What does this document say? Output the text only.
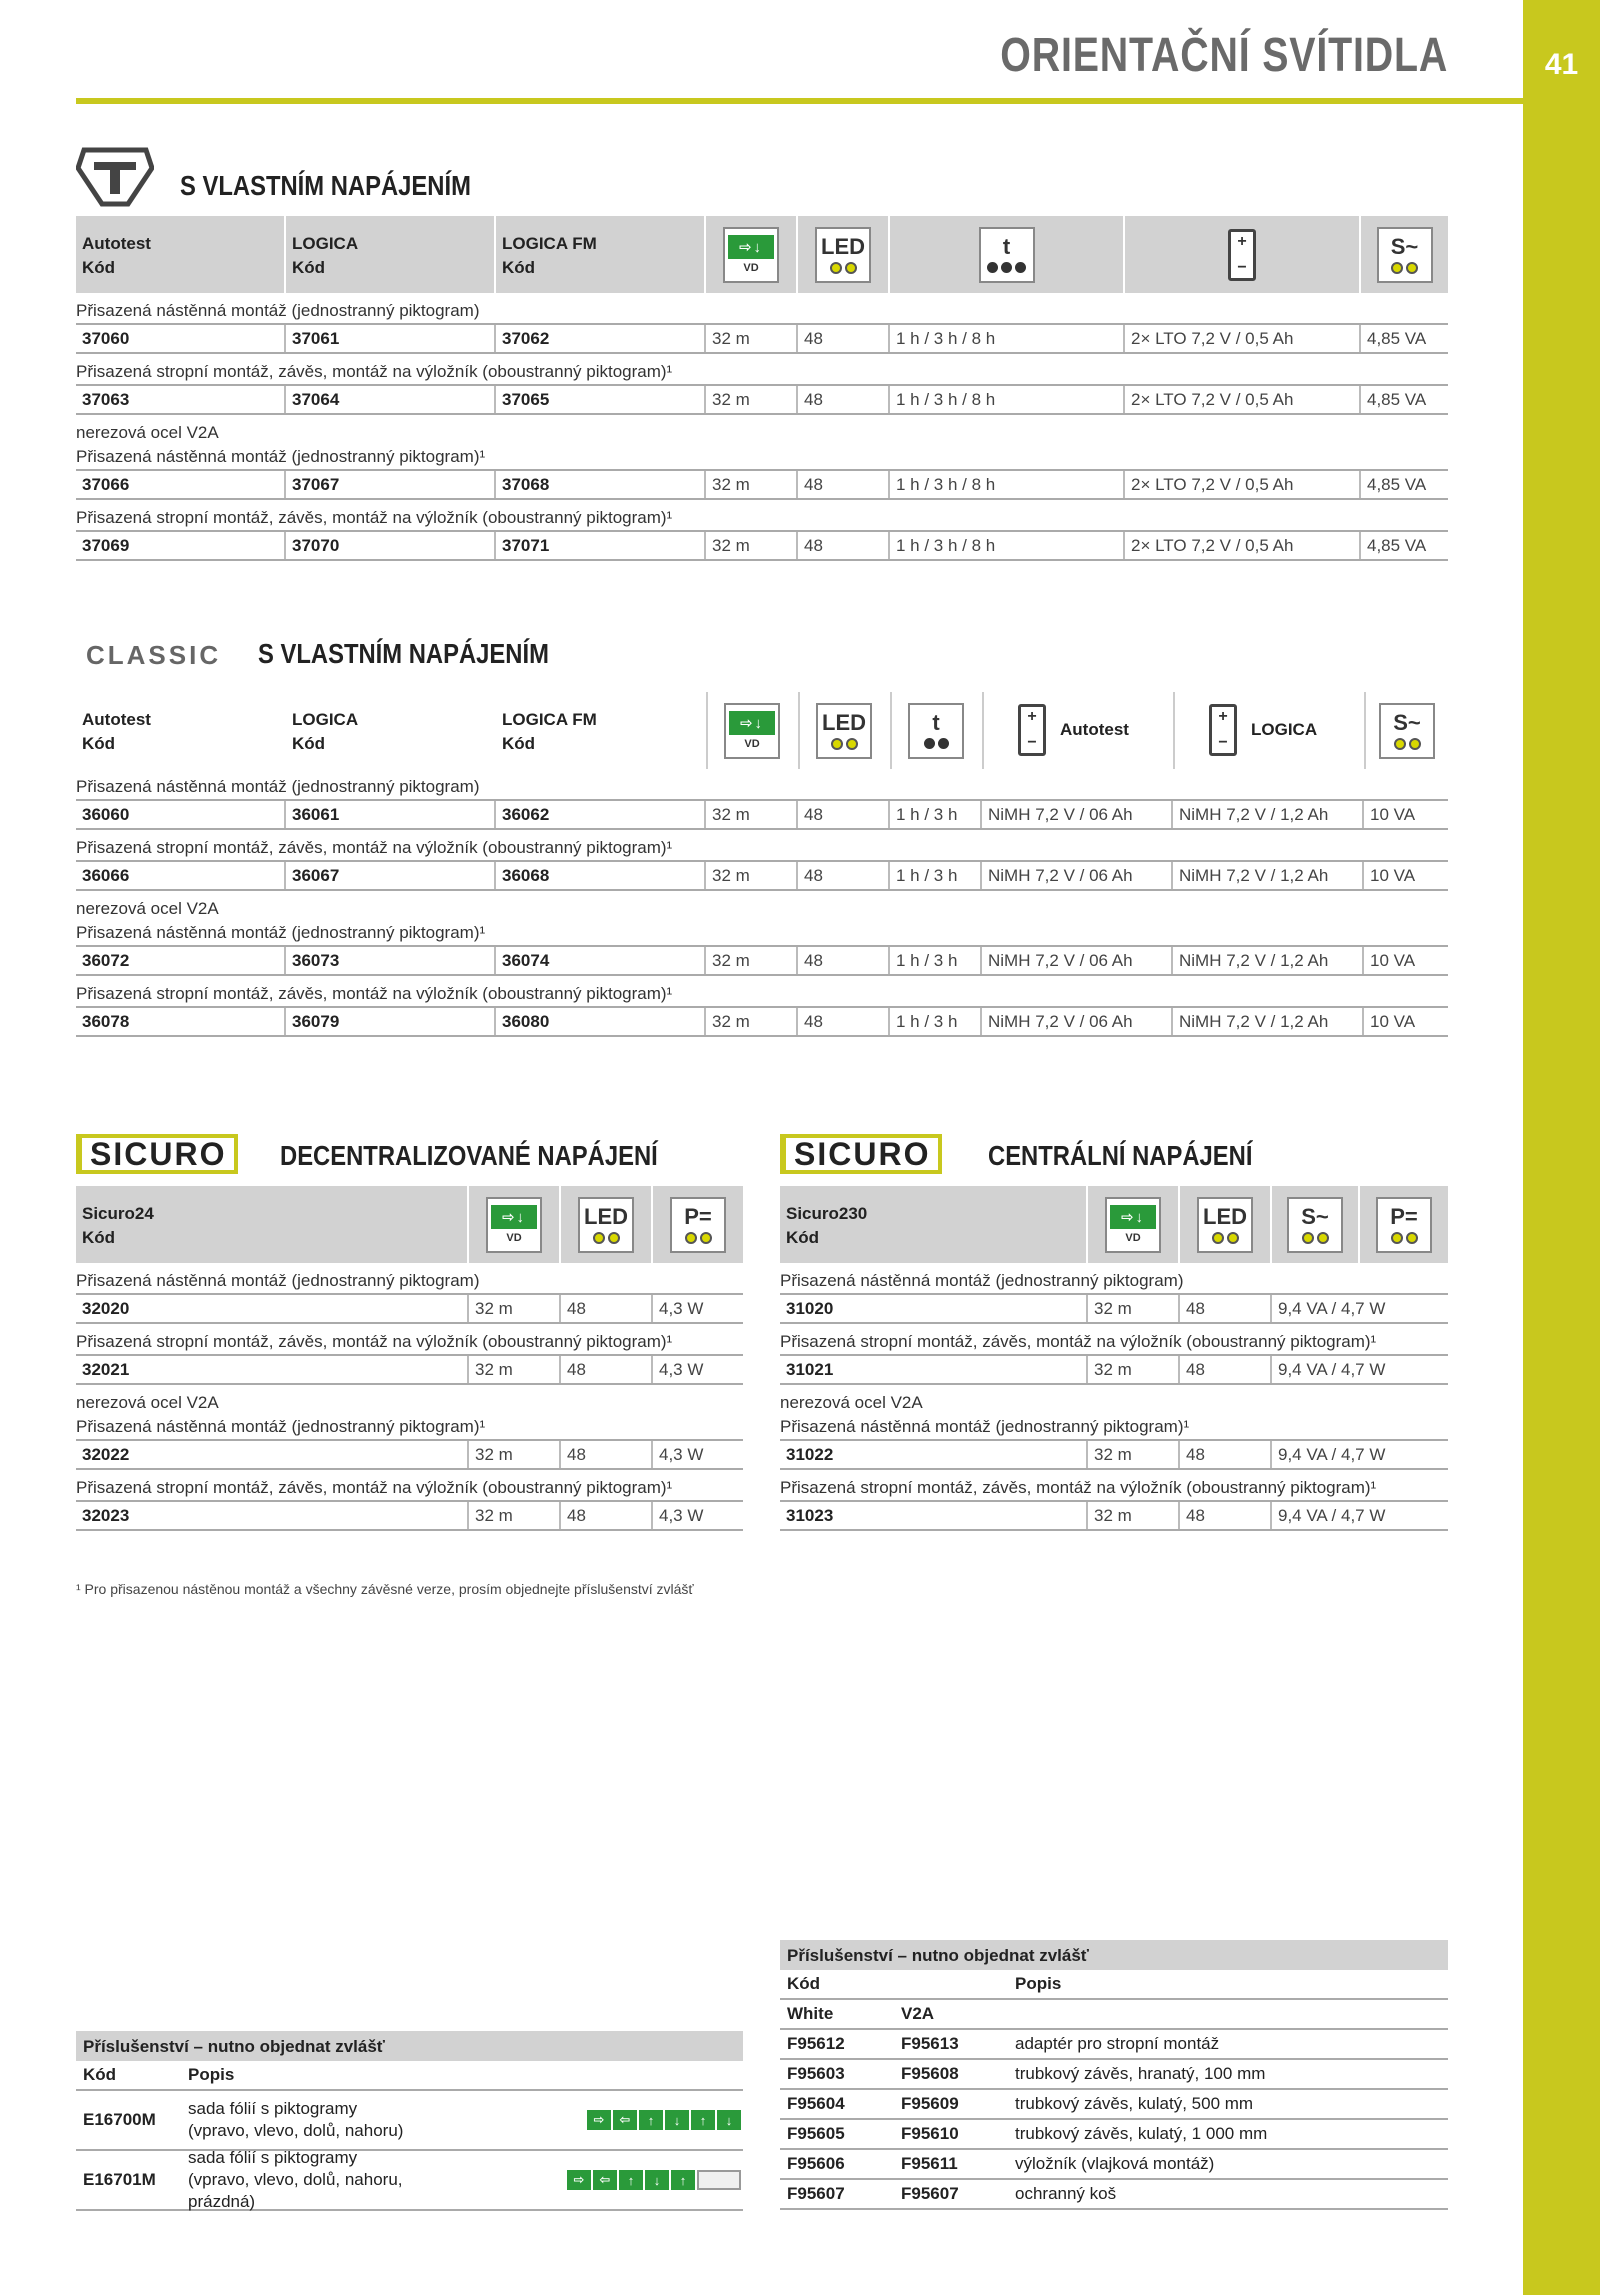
41
ORIENTAČNÍ SVÍTIDLA
S VLASTNÍM NAPÁJENÍM
Autotest
Kód
LOGICA
Kód
LOGICA FM
Kód
⇨↓
VD
LED	t	+
−
S~
Přisazená nástěnná montáž (jednostranný piktogram)
37060	37061	37062	32 m	48	1 h / 3 h / 8 h	2× LTO 7,2 V / 0,5 Ah	4,85 VA
Přisazená stropní montáž, závěs, montáž na výložník (oboustranný piktogram)¹
37063	37064	37065	32 m	48	1 h / 3 h / 8 h	2× LTO 7,2 V / 0,5 Ah	4,85 VA
nerezová ocel V2A
Přisazená nástěnná montáž (jednostranný piktogram)¹
37066	37067	37068	32 m	48	1 h / 3 h / 8 h	2× LTO 7,2 V / 0,5 Ah	4,85 VA
Přisazená stropní montáž, závěs, montáž na výložník (oboustranný piktogram)¹
37069	37070	37071	32 m	48	1 h / 3 h / 8 h	2× LTO 7,2 V / 0,5 Ah	4,85 VA
CLASSIC S VLASTNÍM NAPÁJENÍM
Autotest
Kód
LOGICA
Kód
LOGICA FM
Kód
⇨↓
VD
LED	t	+
−
Autotest
+
−
LOGICA	S~
Přisazená nástěnná montáž (jednostranný piktogram)
36060	36061	36062	32 m	48	1 h / 3 h	NiMH 7,2 V / 06 Ah	NiMH 7,2 V / 1,2 Ah	10 VA
Přisazená stropní montáž, závěs, montáž na výložník (oboustranný piktogram)¹
36066	36067	36068	32 m	48	1 h / 3 h	NiMH 7,2 V / 06 Ah	NiMH 7,2 V / 1,2 Ah	10 VA
nerezová ocel V2A
Přisazená nástěnná montáž (jednostranný piktogram)¹
36072	36073	36074	32 m	48	1 h / 3 h	NiMH 7,2 V / 06 Ah	NiMH 7,2 V / 1,2 Ah	10 VA
Přisazená stropní montáž, závěs, montáž na výložník (oboustranný piktogram)¹
36078	36079	36080	32 m	48	1 h / 3 h	NiMH 7,2 V / 06 Ah	NiMH 7,2 V / 1,2 Ah	10 VA
SICURO	DECENTRALIZOVANÉ NAPÁJENÍ
Sicuro24
Kód
⇨↓
VD
LED	P=
Přisazená nástěnná montáž (jednostranný piktogram)
32020	32 m	48	4,3 W
Přisazená stropní montáž, závěs, montáž na výložník (oboustranný piktogram)¹
32021	32 m	48	4,3 W
nerezová ocel V2A
Přisazená nástěnná montáž (jednostranný piktogram)¹
32022	32 m	48	4,3 W
Přisazená stropní montáž, závěs, montáž na výložník (oboustranný piktogram)¹
32023	32 m	48	4,3 W
SICURO	CENTRÁLNÍ NAPÁJENÍ
Sicuro230
Kód
⇨↓
VD
LED S~	P=
Přisazená nástěnná montáž (jednostranný piktogram)
31020	32 m	48	9,4 VA / 4,7 W
Přisazená stropní montáž, závěs, montáž na výložník (oboustranný piktogram)¹
31021	32 m	48	9,4 VA / 4,7 W
nerezová ocel V2A
Přisazená nástěnná montáž (jednostranný piktogram)¹
31022	32 m	48	9,4 VA / 4,7 W
Přisazená stropní montáž, závěs, montáž na výložník (oboustranný piktogram)¹
31023	32 m	48	9,4 VA / 4,7 W
¹ Pro přisazenou nástěnou montáž a všechny závěsné verze, prosím objednejte příslušenství zvlášť
Příslušenství – nutno objednat zvlášť
Kód	Popis
E16700M
sada fólií s piktogramy
(vpravo, vlevo, dolů, nahoru)
⇨	⇦	↑	↓	↑	↓
E16701M
sada fólií s piktogramy
(vpravo, vlevo, dolů, nahoru, prázdná)
⇨	⇦	↑	↓	↑
Příslušenství – nutno objednat zvlášť
Kód	Popis
White	V2A
F95612	F95613	adaptér pro stropní montáž
F95603	F95608	trubkový závěs, hranatý, 100 mm
F95604	F95609	trubkový závěs, kulatý, 500 mm
F95605	F95610	trubkový závěs, kulatý, 1 000 mm
F95606	F95611	výložník (vlajková montáž)
F95607	F95607	ochranný koš
